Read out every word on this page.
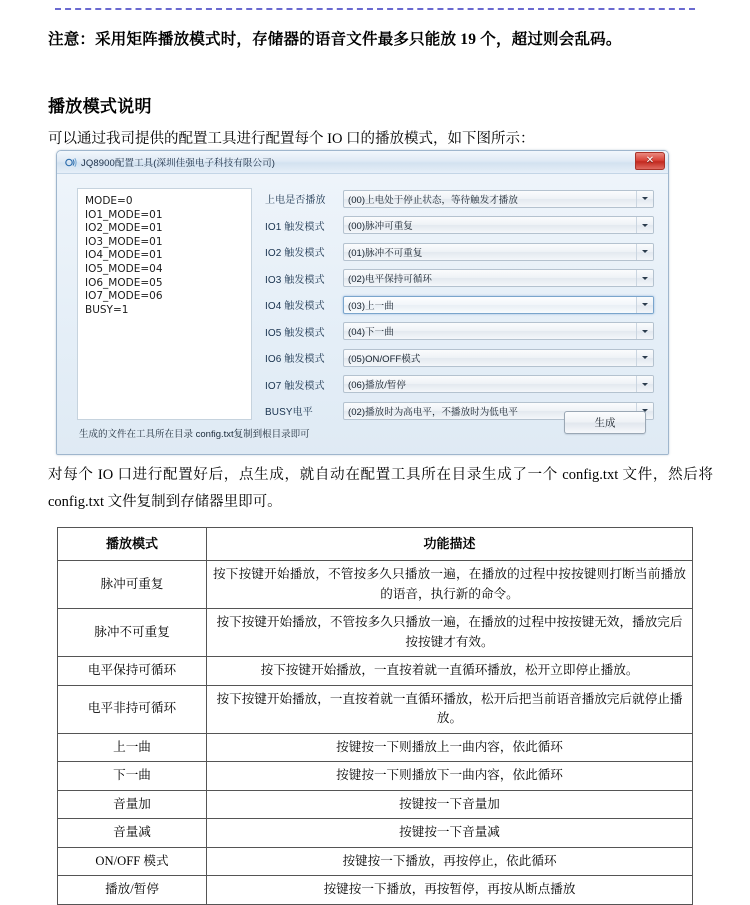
注意：采用矩阵播放模式时，存储器的语音文件最多只能放 19 个，超过则会乱码。
播放模式说明
可以通过我司提供的配置工具进行配置每个 IO 口的播放模式，如下图所示：
JQ8900配置工具(深圳佳强电子科技有限公司)	✕
MODE=0
IO1_MODE=01
IO2_MODE=01
IO3_MODE=01
IO4_MODE=01
IO5_MODE=04
IO6_MODE=05
IO7_MODE=06
BUSY=1
上电是否播放	(00)上电处于停止状态，等待触发才播放
IO1 触发模式	(00)脉冲可重复
IO2 触发模式	(01)脉冲不可重复
IO3 触发模式	(02)电平保持可循环
IO4 触发模式	(03)上一曲
IO5 触发模式	(04)下一曲
IO6 触发模式	(05)ON/OFF模式
IO7 触发模式	(06)播放/暂停
BUSY电平	(02)播放时为高电平，不播放时为低电平
生成的文件在工具所在目录 config.txt复制到根目录即可
生成
对每个 IO 口进行配置好后，点生成，就自动在配置工具所在目录生成了一个 config.txt 文件，然后将 config.txt 文件复制到存储器里即可。
播放模式	功能描述
脉冲可重复	按下按键开始播放，不管按多久只播放一遍，在播放的过程中按按键则打断当前播放的语音，执行新的命令。
脉冲不可重复	按下按键开始播放，不管按多久只播放一遍，在播放的过程中按按键无效，播放完后按按键才有效。
电平保持可循环	按下按键开始播放，一直按着就一直循环播放，松开立即停止播放。
电平非持可循环	按下按键开始播放，一直按着就一直循环播放，松开后把当前语音播放完后就停止播放。
上一曲	按键按一下则播放上一曲内容，依此循环
下一曲	按键按一下则播放下一曲内容，依此循环
音量加	按键按一下音量加
音量减	按键按一下音量减
ON/OFF 模式	按键按一下播放，再按停止，依此循环
播放/暂停	按键按一下播放，再按暂停，再按从断点播放
